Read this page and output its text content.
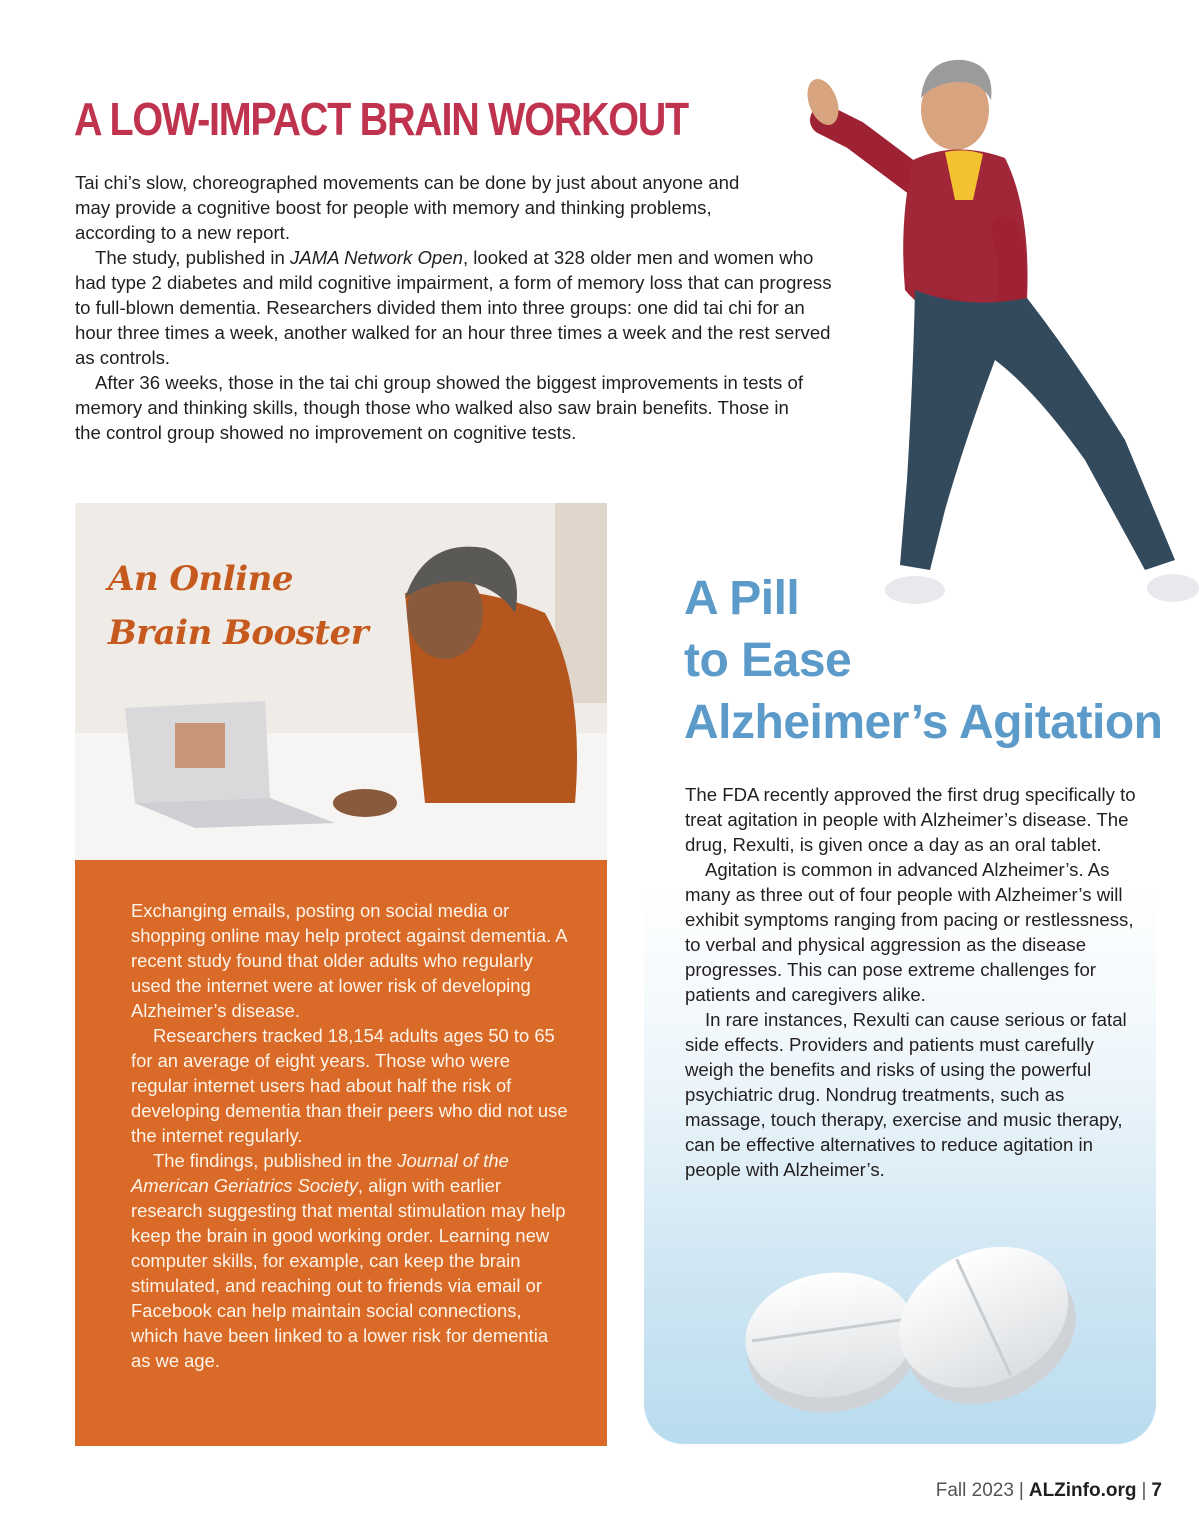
A LOW-IMPACT BRAIN WORKOUT

Tai chi’s slow, choreographed movements can be done by just about anyone and may provide a cognitive boost for people with memory and thinking problems, according to a new report.

The study, published in JAMA Network Open, looked at 328 older men and women who had type 2 diabetes and mild cognitive impairment, a form of memory loss that can progress to full-blown dementia. Researchers divided them into three groups: one did tai chi for an hour three times a week, another walked for an hour three times a week and the rest served as controls.

After 36 weeks, those in the tai chi group showed the biggest improvements in tests of memory and thinking skills, though those who walked also saw brain benefits. Those in the control group showed no improvement on cognitive tests.

An Online
Brain Booster

Exchanging emails, posting on social media or shopping online may help protect against dementia. A recent study found that older adults who regularly used the internet were at lower risk of developing Alzheimer’s disease.

Researchers tracked 18,154 adults ages 50 to 65 for an average of eight years. Those who were regular internet users had about half the risk of developing dementia than their peers who did not use the internet regularly.

The findings, published in the Journal of the American Geriatrics Society, align with earlier research suggesting that mental stimulation may help keep the brain in good working order. Learning new computer skills, for example, can keep the brain stimulated, and reaching out to friends via email or Facebook can help maintain social connections, which have been linked to a lower risk for dementia as we age.

A Pill
to Ease
Alzheimer’s Agitation

The FDA recently approved the first drug specifically to treat agitation in people with Alzheimer’s disease. The drug, Rexulti, is given once a day as an oral tablet.

Agitation is common in advanced Alzheimer’s. As many as three out of four people with Alzheimer’s will exhibit symptoms ranging from pacing or restlessness, to verbal and physical aggression as the disease progresses. This can pose extreme challenges for patients and caregivers alike.

In rare instances, Rexulti can cause serious or fatal side effects. Providers and patients must carefully weigh the benefits and risks of using the powerful psychiatric drug. Nondrug treatments, such as massage, touch therapy, exercise and music therapy, can be effective alternatives to reduce agitation in people with Alzheimer’s.

Fall 2023 | ALZinfo.org | 7
